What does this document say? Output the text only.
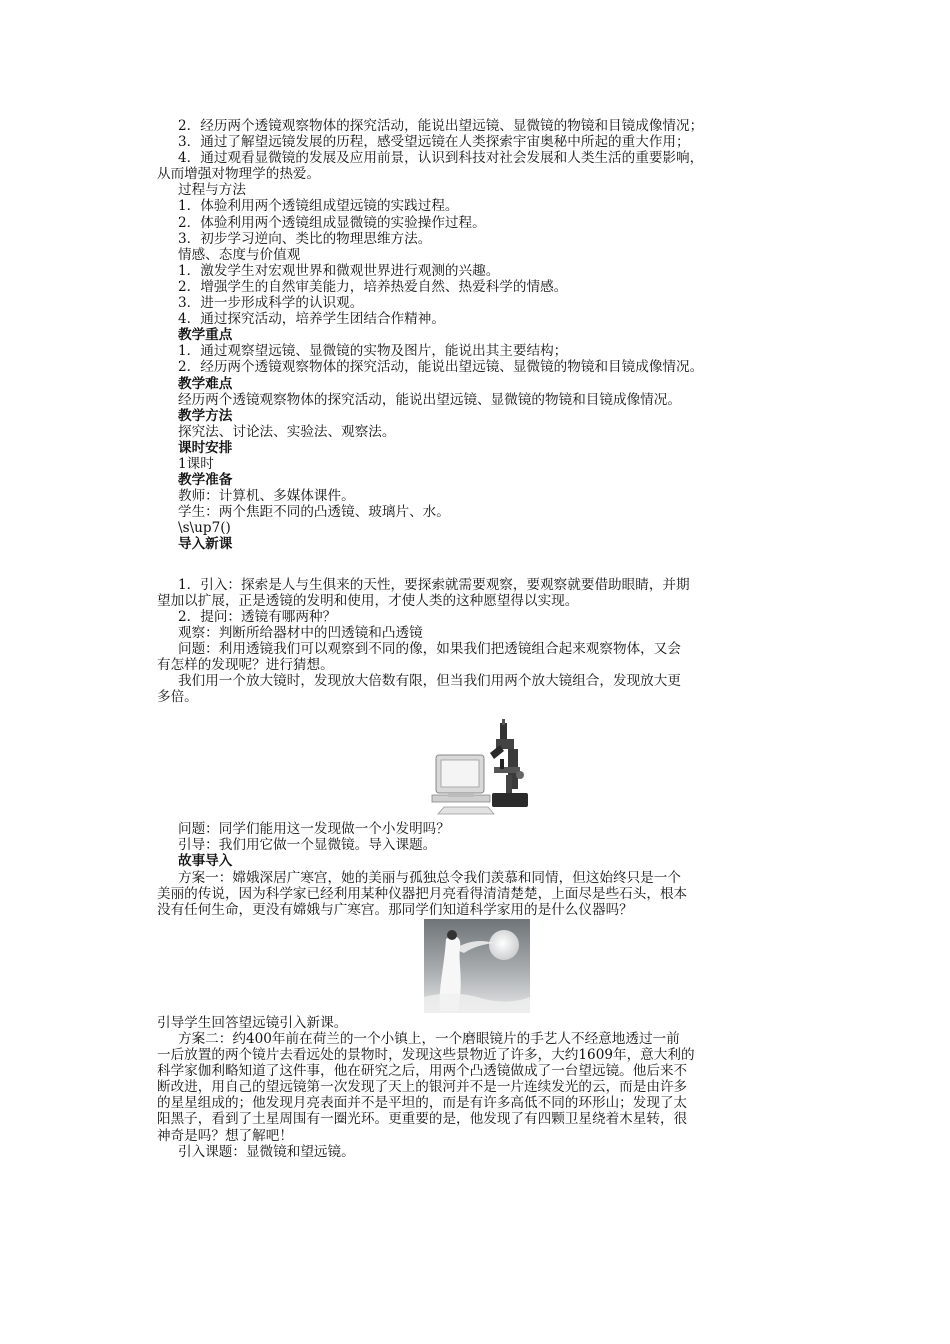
2．经历两个透镜观察物体的探究活动，能说出望远镜、显微镜的物镜和目镜成像情况；

3．通过了解望远镜发展的历程，感受望远镜在人类探索宇宙奥秘中所起的重大作用；

4．通过观看显微镜的发展及应用前景，认识到科技对社会发展和人类生活的重要影响，

从而增强对物理学的热爱。

过程与方法

1．体验利用两个透镜组成望远镜的实践过程。

2．体验利用两个透镜组成显微镜的实验操作过程。

3．初步学习逆向、类比的物理思维方法。

情感、态度与价值观

1．激发学生对宏观世界和微观世界进行观测的兴趣。

2．增强学生的自然审美能力，培养热爱自然、热爱科学的情感。

3．进一步形成科学的认识观。

4．通过探究活动，培养学生团结合作精神。

教学重点

1．通过观察望远镜、显微镜的实物及图片，能说出其主要结构；

2．经历两个透镜观察物体的探究活动，能说出望远镜、显微镜的物镜和目镜成像情况。

教学难点

经历两个透镜观察物体的探究活动，能说出望远镜、显微镜的物镜和目镜成像情况。

教学方法

探究法、讨论法、实验法、观察法。

课时安排

1课时

教学准备

教师：计算机、多媒体课件。

学生：两个焦距不同的凸透镜、玻璃片、水。

\s\up7()

导入新课

1．引入：探索是人与生俱来的天性，要探索就需要观察，要观察就要借助眼睛，并期

望加以扩展，正是透镜的发明和使用，才使人类的这种愿望得以实现。

2．提问：透镜有哪两种？

观察：判断所给器材中的凹透镜和凸透镜

问题：利用透镜我们可以观察到不同的像，如果我们把透镜组合起来观察物体，又会

有怎样的发现呢？进行猜想。

我们用一个放大镜时，发现放大倍数有限，但当我们用两个放大镜组合，发现放大更

多倍。

问题：同学们能用这一发现做一个小发明吗？

引导：我们用它做一个显微镜。导入课题。

故事导入

方案一：嫦娥深居广寒宫，她的美丽与孤独总令我们羡慕和同情，但这始终只是一个

美丽的传说，因为科学家已经利用某种仪器把月亮看得清清楚楚，上面尽是些石头，根本

没有任何生命，更没有嫦娥与广寒宫。那同学们知道科学家用的是什么仪器吗？

引导学生回答望远镜引入新课。

方案二：约400年前在荷兰的一个小镇上，一个磨眼镜片的手艺人不经意地透过一前

一后放置的两个镜片去看远处的景物时，发现这些景物近了许多，大约1609年，意大利的

科学家伽利略知道了这件事，他在研究之后，用两个凸透镜做成了一台望远镜。他后来不

断改进，用自己的望远镜第一次发现了天上的银河并不是一片连续发光的云，而是由许多

的星星组成的；他发现月亮表面并不是平坦的，而是有许多高低不同的环形山；发现了太

阳黑子，看到了土星周围有一圈光环。更重要的是，他发现了有四颗卫星绕着木星转，很

神奇是吗？想了解吧！

引入课题：显微镜和望远镜。
